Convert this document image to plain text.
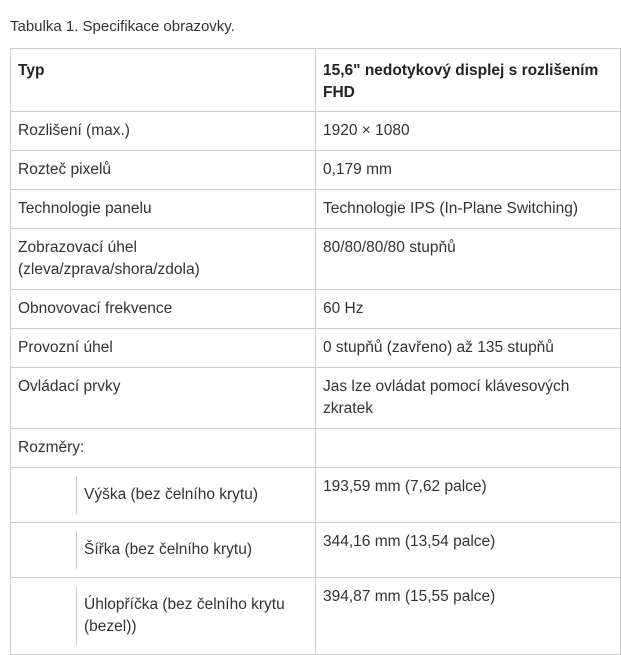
Tabulka 1. Specifikace obrazovky.
Typ	15,6" nedotykový displej s rozlišením FHD
Rozlišení (max.)	1920 × 1080
Rozteč pixelů	0,179 mm
Technologie panelu	Technologie IPS (In-Plane Switching)
Zobrazovací úhel (zleva/zprava/shora/zdola)	80/80/80/80 stupňů
Obnovovací frekvence	60 Hz
Provozní úhel	0 stupňů (zavřeno) až 135 stupňů
Ovládací prvky	Jas lze ovládat pomocí klávesových zkratek
Rozměry:	

Výška (bez čelního krytu)	193,59 mm (7,62 palce)

Šířka (bez čelního krytu)	344,16 mm (13,54 palce)

Úhlopříčka (bez čelního krytu (bezel))	394,87 mm (15,55 palce)
